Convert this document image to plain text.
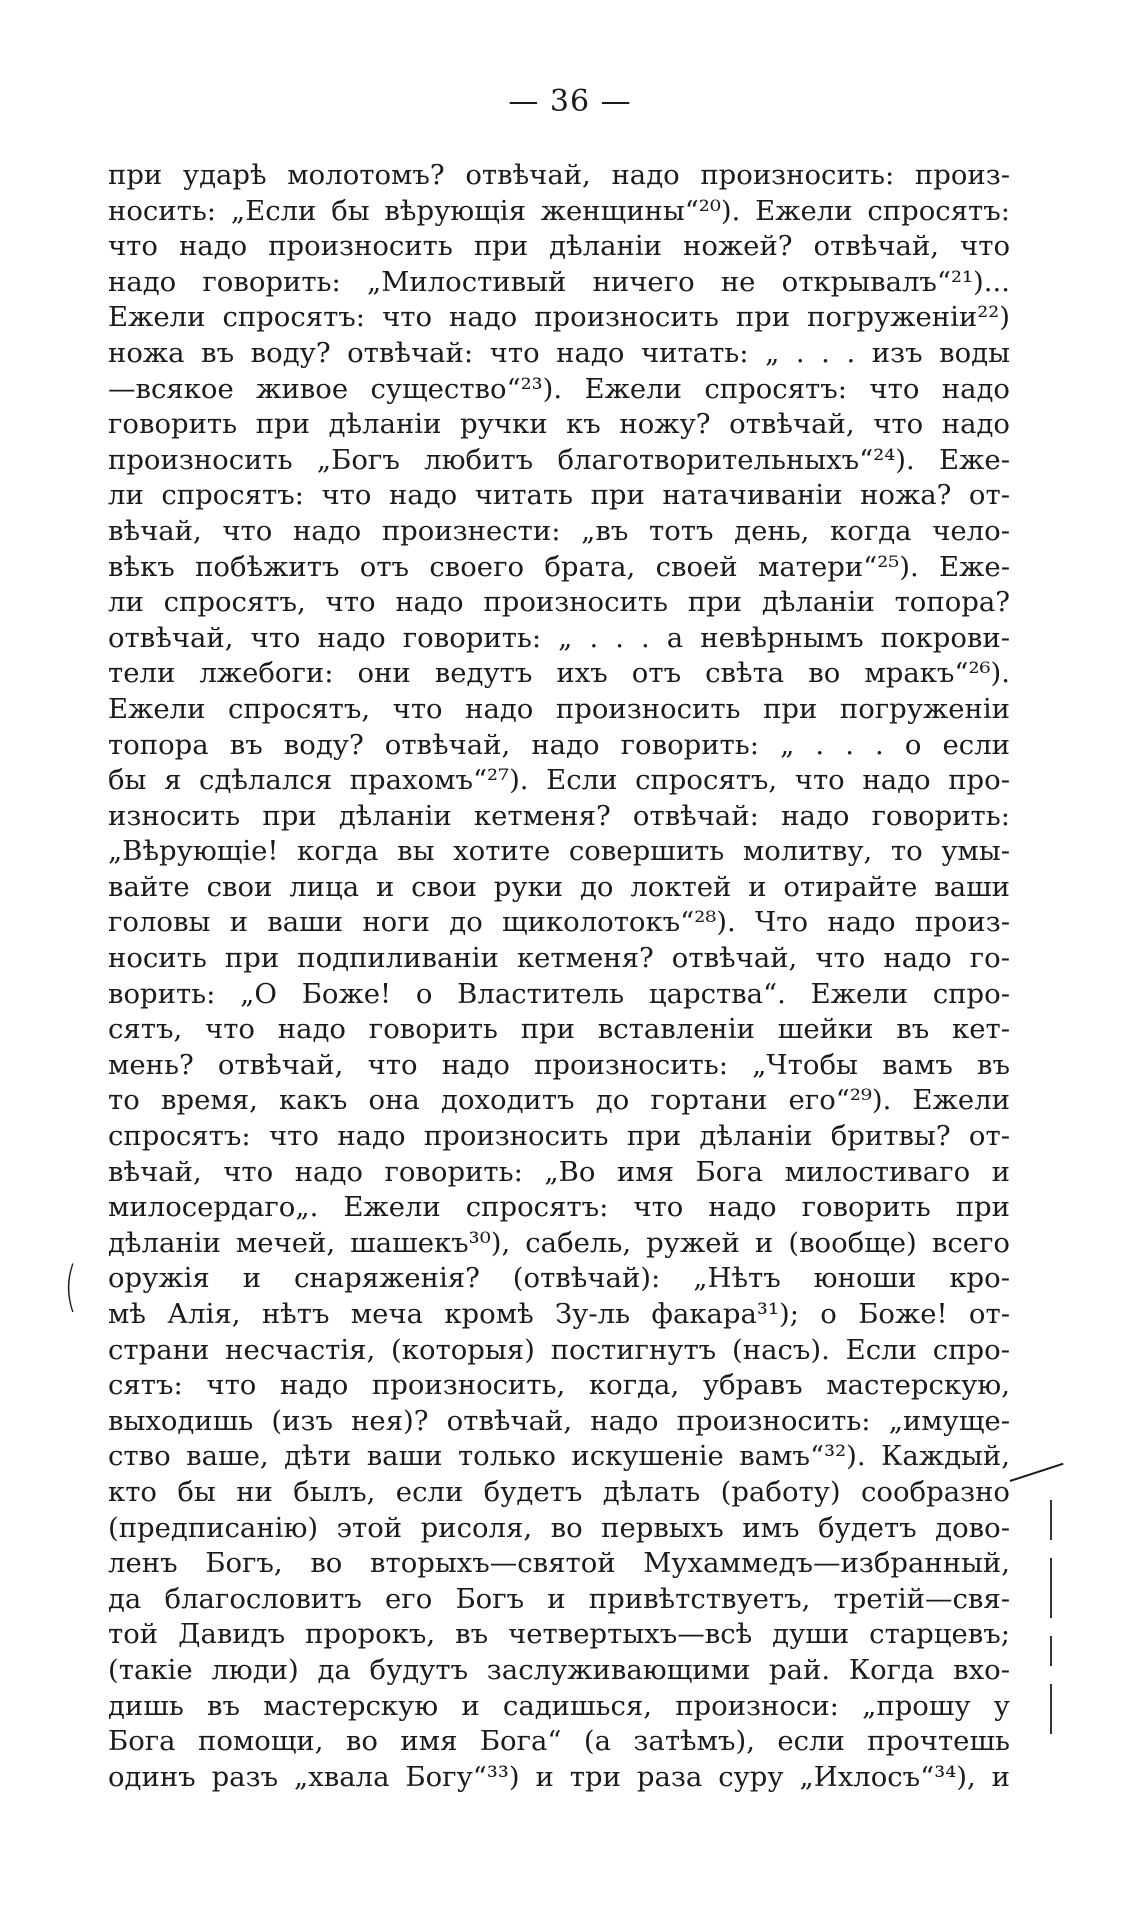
— 36 —
(
при ударѣ молотомъ? отвѣчай, надо произносить: произ-
носить: „Если бы вѣрующія женщины“²⁰). Ежели спросятъ:
что надо произносить при дѣланіи ножей? отвѣчай, что
надо говорить: „Милостивый ничего не открывалъ“²¹)...
Ежели спросятъ: что надо произносить при погруженіи²²)
ножа въ воду? отвѣчай: что надо читать: „ . . . изъ воды
—всякое живое существо“²³). Ежели спросятъ: что надо
говорить при дѣланіи ручки къ ножу? отвѣчай, что надо
произносить „Богъ любитъ благотворительныхъ“²⁴). Еже-
ли спросятъ: что надо читать при натачиваніи ножа? от-
вѣчай, что надо произнести: „въ тотъ день, когда чело-
вѣкъ побѣжитъ отъ своего брата, своей матери“²⁵). Еже-
ли спросятъ, что надо произносить при дѣланіи топора?
отвѣчай, что надо говорить: „ . . . а невѣрнымъ покрови-
тели лжебоги: они ведутъ ихъ отъ свѣта во мракъ“²⁶).
Ежели спросятъ, что надо произносить при погруженіи
топора въ воду? отвѣчай, надо говорить: „ . . . о если
бы я сдѣлался прахомъ“²⁷). Если спросятъ, что надо про-
износить при дѣланіи кетменя? отвѣчай: надо говорить:
„Вѣрующіе! когда вы хотите совершить молитву, то умы-
вайте свои лица и свои руки до локтей и отирайте ваши
головы и ваши ноги до щиколотокъ“²⁸). Что надо произ-
носить при подпиливаніи кетменя? отвѣчай, что надо го-
ворить: „О Боже! о Властитель царства“. Ежели спро-
сятъ, что надо говорить при вставленіи шейки въ кет-
мень? отвѣчай, что надо произносить: „Чтобы вамъ въ
то время, какъ она доходитъ до гортани его“²⁹). Ежели
спросятъ: что надо произносить при дѣланіи бритвы? от-
вѣчай, что надо говорить: „Во имя Бога милостиваго и
милосердаго„. Ежели спросятъ: что надо говорить при
дѣланіи мечей, шашекъ³⁰), сабель, ружей и (вообще) всего
оружія и снаряженія? (отвѣчай): „Нѣтъ юноши кро-
мѣ Алія, нѣтъ меча кромѣ Зу-ль факара³¹); о Боже! от-
страни несчастія, (которыя) постигнутъ (насъ). Если спро-
сятъ: что надо произносить, когда, убравъ мастерскую,
выходишь (изъ нея)? отвѣчай, надо произносить: „имуще-
ство ваше, дѣти ваши только искушеніе вамъ“³²). Каждый,
кто бы ни былъ, если будетъ дѣлать (работу) сообразно
(предписанію) этой рисоля, во первыхъ имъ будетъ дово-
ленъ Богъ, во вторыхъ—святой Мухаммедъ—избранный,
да благословитъ его Богъ и привѣтствуетъ, третій—свя-
той Давидъ пророкъ, въ четвертыхъ—всѣ души старцевъ;
(такіе люди) да будутъ заслуживающими рай. Когда вхо-
дишь въ мастерскую и садишься, произноси: „прошу у
Бога помощи, во имя Бога“ (а затѣмъ), если прочтешь
одинъ разъ „хвала Богу“³³) и три раза суру „Ихлосъ“³⁴), и
